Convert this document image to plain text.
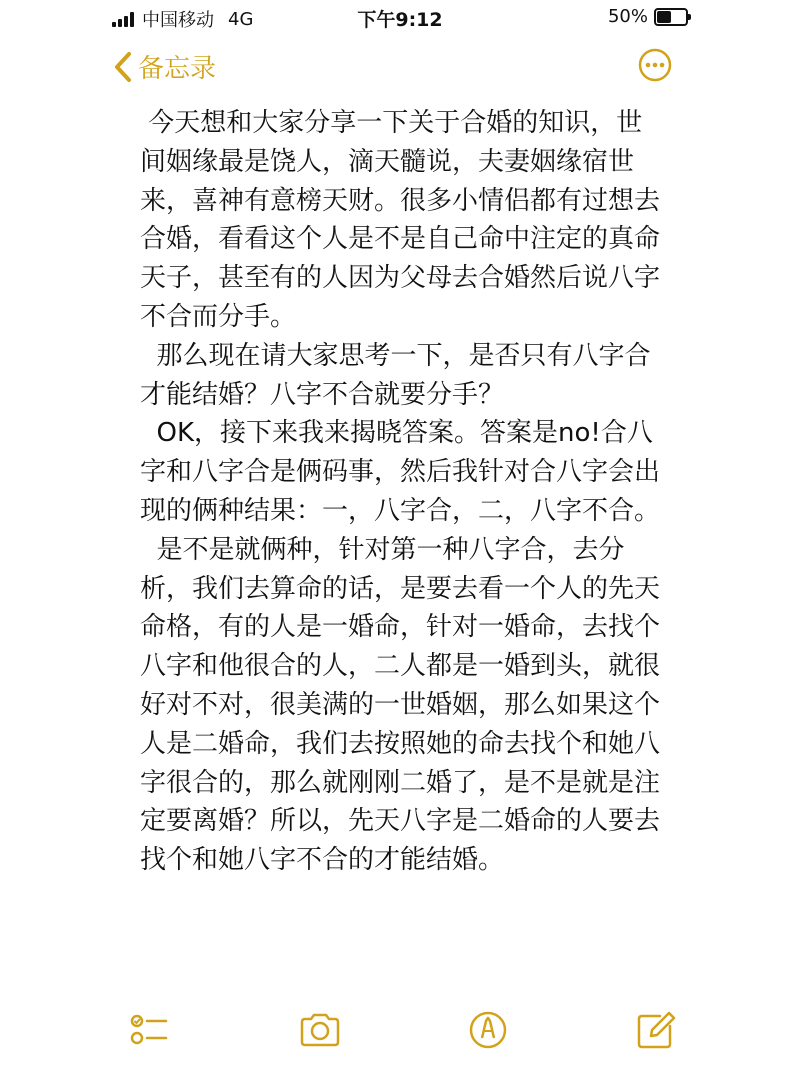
中国移动 4G	下午9:12	50%
备忘录

今天想和大家分享一下关于合婚的知识，世间姻缘最是饶人，滴天髓说，夫妻姻缘宿世来，喜神有意榜天财。很多小情侣都有过想去合婚，看看这个人是不是自己命中注定的真命天子，甚至有的人因为父母去合婚然后说八字不合而分手。

那么现在请大家思考一下，是否只有八字合才能结婚？八字不合就要分手？

OK，接下来我来揭晓答案。答案是no!合八字和八字合是俩码事，然后我针对合八字会出现的俩种结果：一，八字合，二，八字不合。

是不是就俩种，针对第一种八字合，去分析，我们去算命的话，是要去看一个人的先天命格，有的人是一婚命，针对一婚命，去找个八字和他很合的人，二人都是一婚到头，就很好对不对，很美满的一世婚姻，那么如果这个人是二婚命，我们去按照她的命去找个和她八字很合的，那么就刚刚二婚了，是不是就是注定要离婚？所以，先天八字是二婚命的人要去找个和她八字不合的才能结婚。
